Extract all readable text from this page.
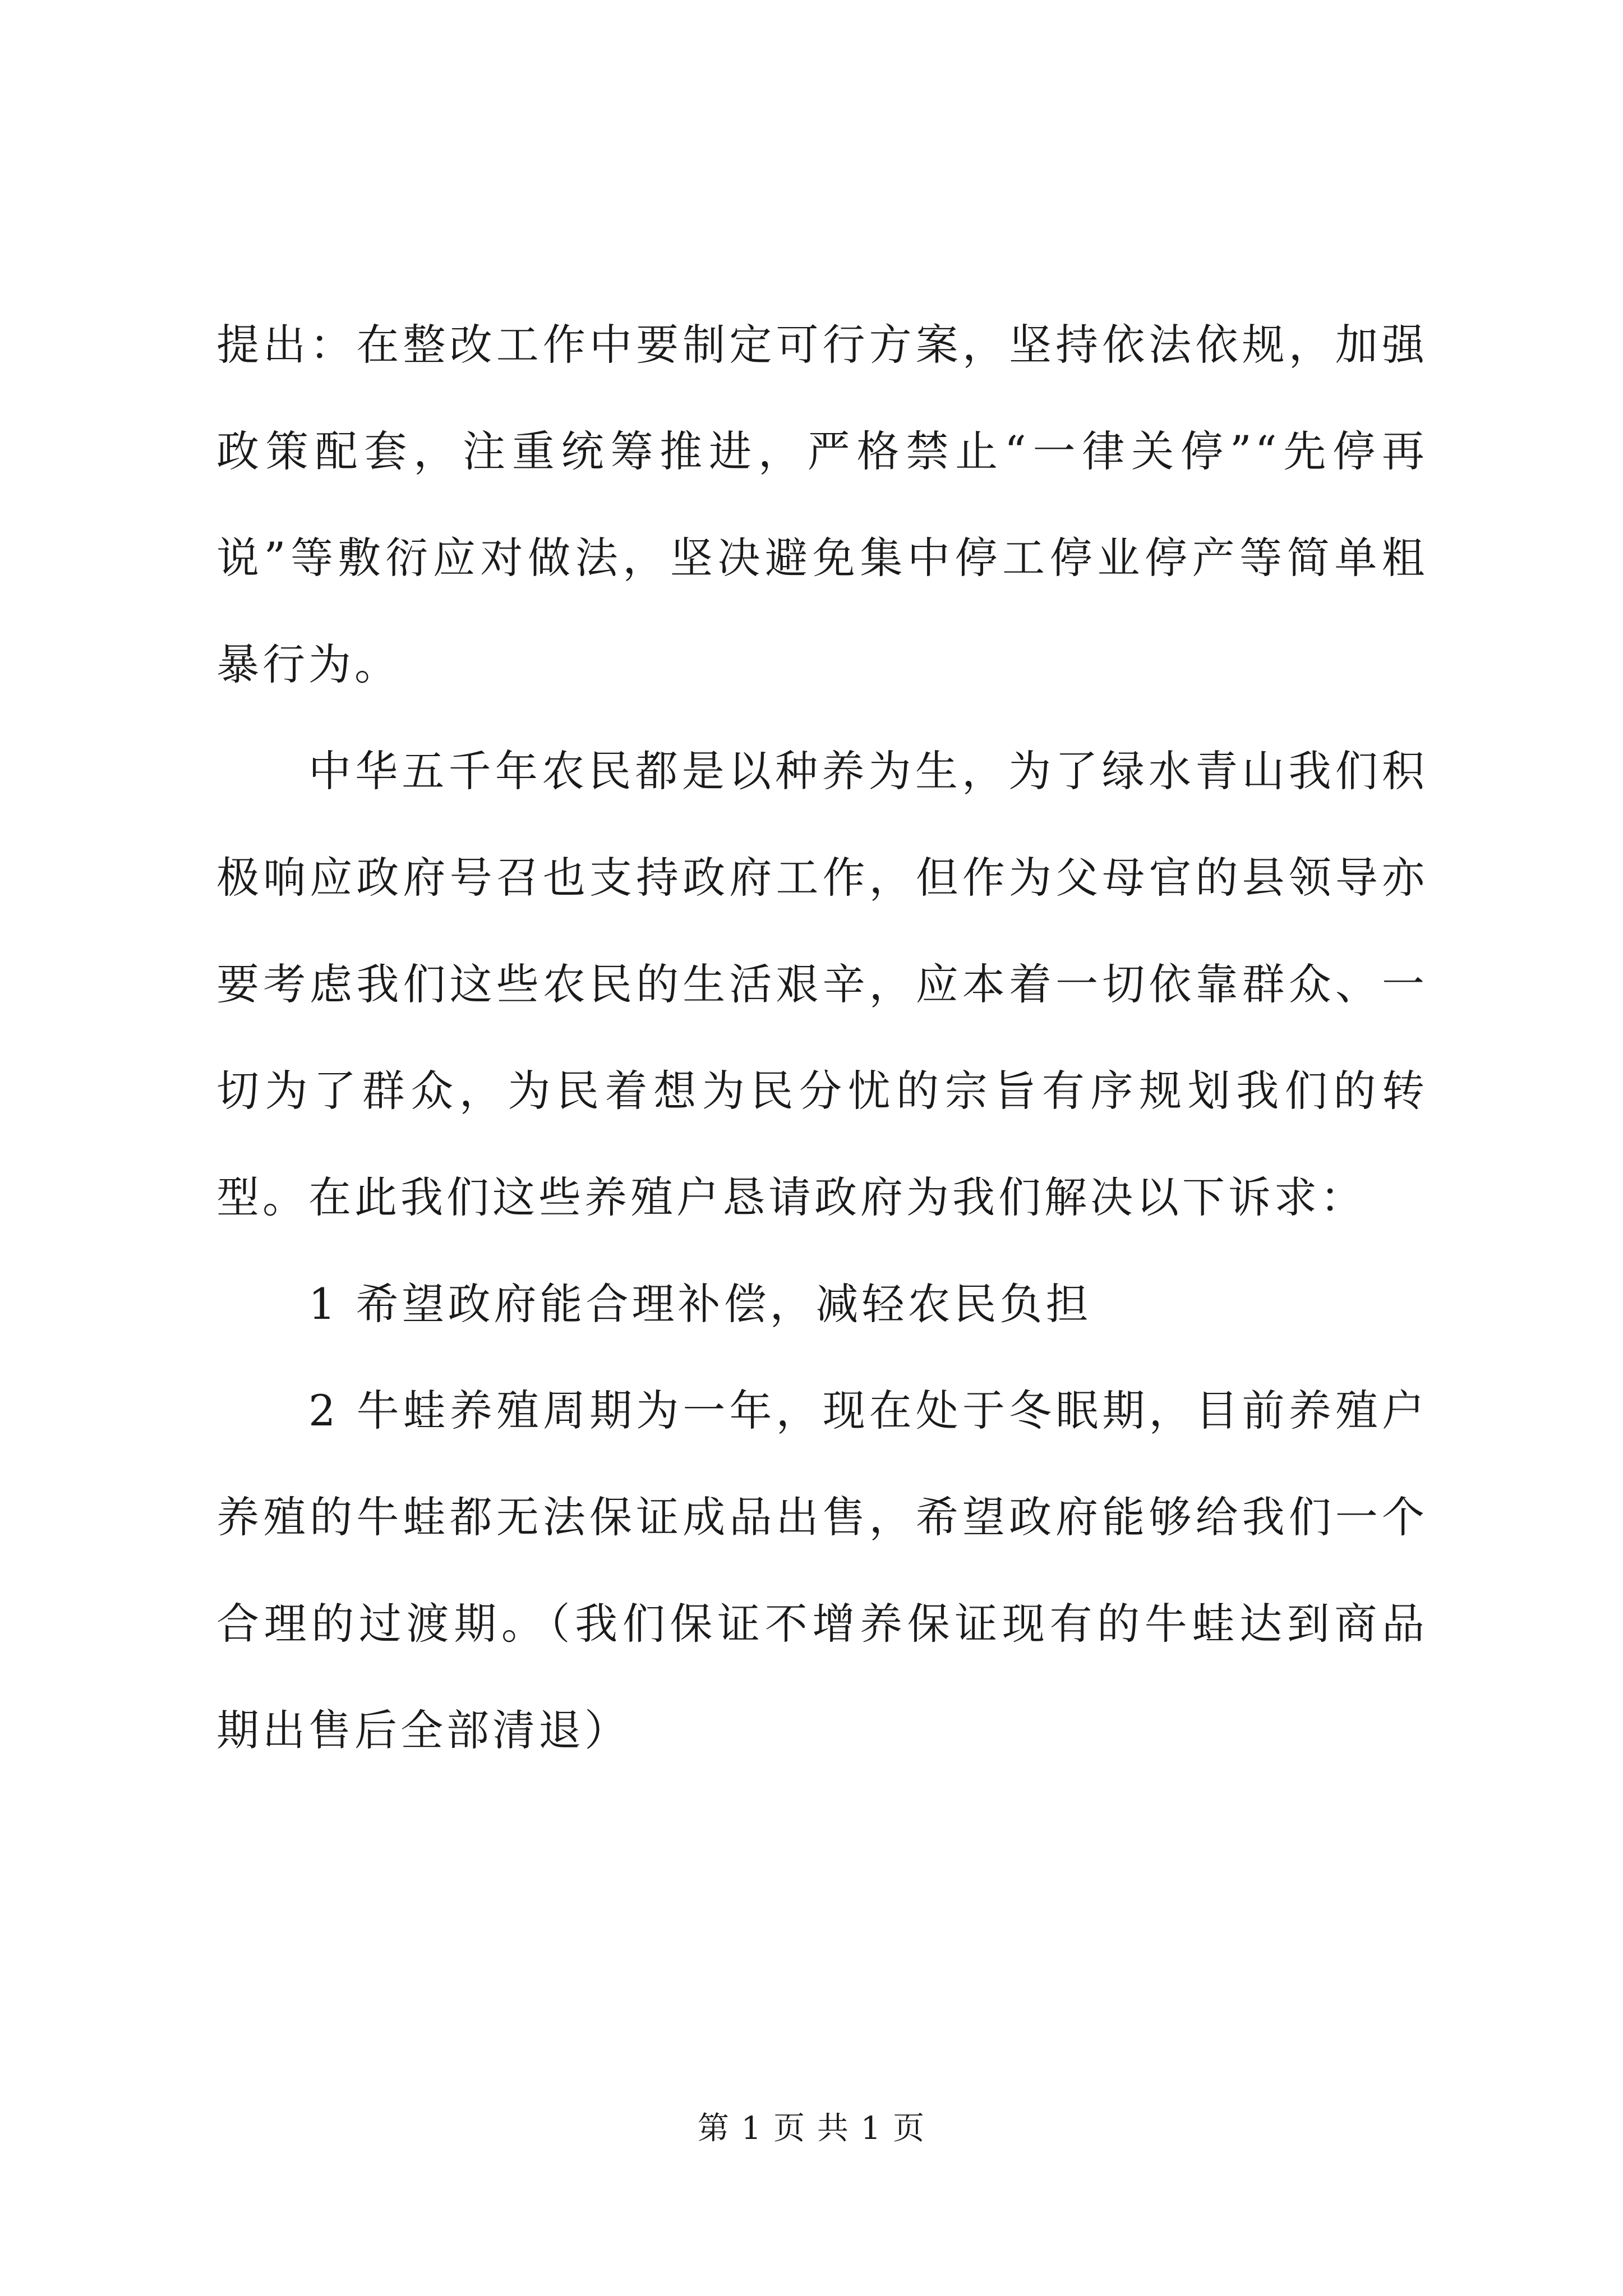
提出：在整改工作中要制定可行方案，坚持依法依规，加强政策配套，注重统筹推进，严格禁止“一律关停”“先停再说”等敷衍应对做法，坚决避免集中停工停业停产等简单粗暴行为。

中华五千年农民都是以种养为生，为了绿水青山我们积极响应政府号召也支持政府工作，但作为父母官的县领导亦要考虑我们这些农民的生活艰辛，应本着一切依靠群众、一切为了群众，为民着想为民分忧的宗旨有序规划我们的转型。在此我们这些养殖户恳请政府为我们解决以下诉求：

1 希望政府能合理补偿，减轻农民负担

2 牛蛙养殖周期为一年，现在处于冬眠期，目前养殖户养殖的牛蛙都无法保证成品出售，希望政府能够给我们一个合理的过渡期。（我们保证不增养保证现有的牛蛙达到商品期出售后全部清退）

第 1 页 共 1 页
